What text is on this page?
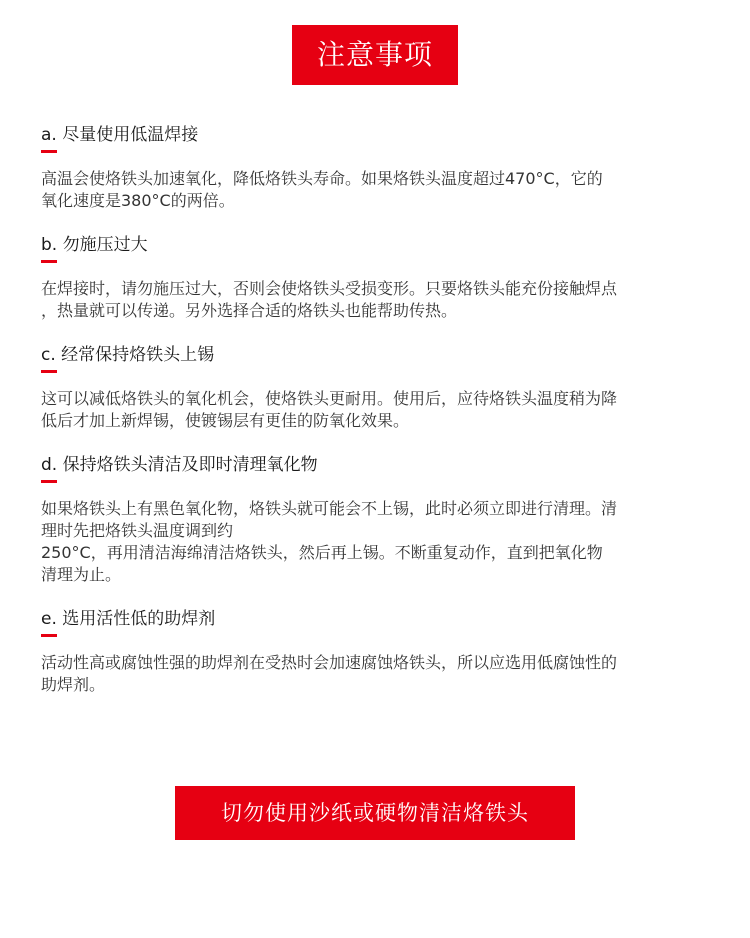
注意事项
a. 尽量使用低温焊接
高温会使烙铁头加速氧化，降低烙铁头寿命。如果烙铁头温度超过470°C，它的
氧化速度是380°C的两倍。
b. 勿施压过大
在焊接时，请勿施压过大，否则会使烙铁头受损变形。只要烙铁头能充份接触焊点
，热量就可以传递。另外选择合适的烙铁头也能帮助传热。
c. 经常保持烙铁头上锡
这可以减低烙铁头的氧化机会，使烙铁头更耐用。使用后，应待烙铁头温度稍为降
低后才加上新焊锡，使镀锡层有更佳的防氧化效果。
d. 保持烙铁头清洁及即时清理氧化物
如果烙铁头上有黑色氧化物，烙铁头就可能会不上锡，此时必须立即进行清理。清
理时先把烙铁头温度调到约
250°C，再用清洁海绵清洁烙铁头，然后再上锡。不断重复动作，直到把氧化物
清理为止。
e. 选用活性低的助焊剂
活动性高或腐蚀性强的助焊剂在受热时会加速腐蚀烙铁头，所以应选用低腐蚀性的
助焊剂。
切勿使用沙纸或硬物清洁烙铁头
